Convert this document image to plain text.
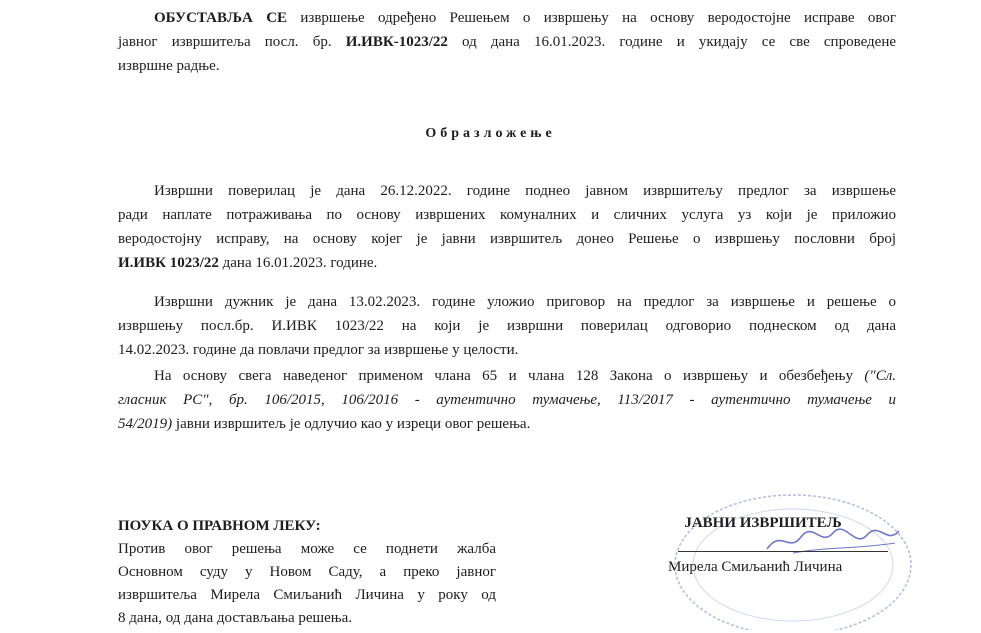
ОБУСТАВЉА СЕ извршење одређено Решењем о извршењу на основу веродостојне исправе овог
јавног извршитеља посл. бр. И.ИВК-1023/22 од дана 16.01.2023. године и укидају се све спроведене
извршне радње.
Образложење
Извршни поверилац је дана 26.12.2022. године поднео јавном извршитељу предлог за извршење
ради наплате потраживања по основу извршених комуналних и сличних услуга уз који је приложио
веродостојну исправу, на основу којег је јавни извршитељ донео Решење о извршењу пословни број
И.ИВК 1023/22 дана 16.01.2023. године.
Извршни дужник је дана 13.02.2023. године уложио приговор на предлог за извршење и решење о
извршењу посл.бр. И.ИВК 1023/22 на који је извршни поверилац одговорио поднеском од дана
14.02.2023. године да повлачи предлог за извршење у целости.
На основу свега наведеног применом члана 65 и члана 128 Закона о извршењу и обезбеђењу ("Сл.
гласник РС", бр. 106/2015, 106/2016 - аутентично тумачење, 113/2017 - аутентично тумачење и
54/2019) јавни извршитељ је одлучио као у изреци овог решења.
ПОУКА О ПРАВНОМ ЛЕКУ:
Против овог решења може се поднети жалба
Основном суду у Новом Саду, а преко јавног
извршитеља Мирела Смиљанић Личина у року од
8 дана, од дана достављања решења.
ЈАВНИ ИЗВРШИТЕЉ
Мирела Смиљанић Личина
